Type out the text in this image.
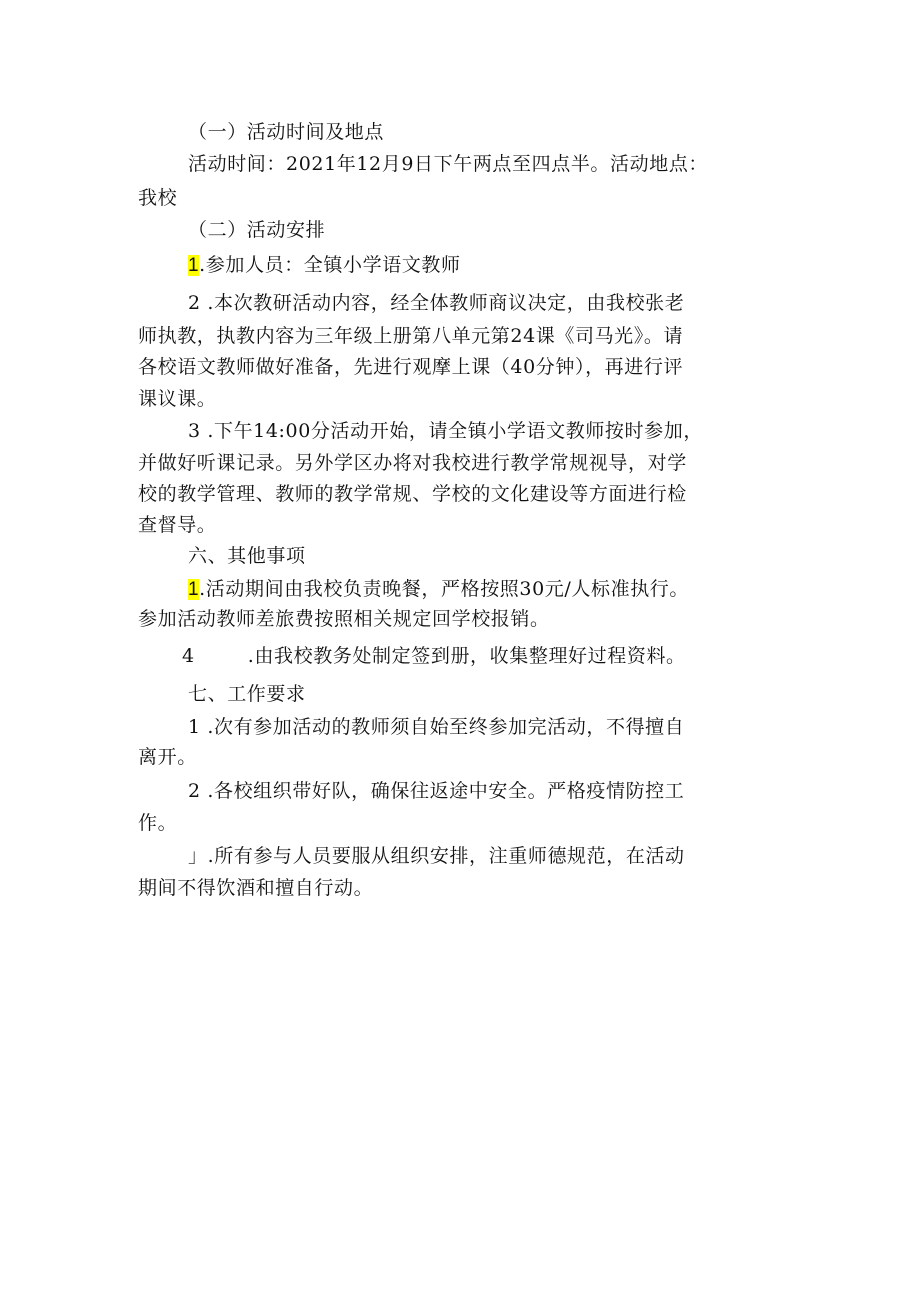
（一）活动时间及地点
活动时间：2021年12月9日下午两点至四点半。活动地点：
我校
（二）活动安排
1.参加人员：全镇小学语文教师
2 .本次教研活动内容，经全体教师商议决定，由我校张老
师执教，执教内容为三年级上册第八单元第24课《司马光》。请
各校语文教师做好准备，先进行观摩上课（40分钟），再进行评
课议课。
3 .下午14:00分活动开始，请全镇小学语文教师按时参加，
并做好听课记录。另外学区办将对我校进行教学常规视导，对学
校的教学管理、教师的教学常规、学校的文化建设等方面进行检
查督导。
六、其他事项
1.活动期间由我校负责晚餐，严格按照30元/人标准执行。
参加活动教师差旅费按照相关规定回学校报销。
4        .由我校教务处制定签到册，收集整理好过程资料。
七、工作要求
1 .次有参加活动的教师须自始至终参加完活动，不得擅自
离开。
2 .各校组织带好队，确保往返途中安全。严格疫情防控工
作。
」.所有参与人员要服从组织安排，注重师德规范，在活动
期间不得饮酒和擅自行动。
